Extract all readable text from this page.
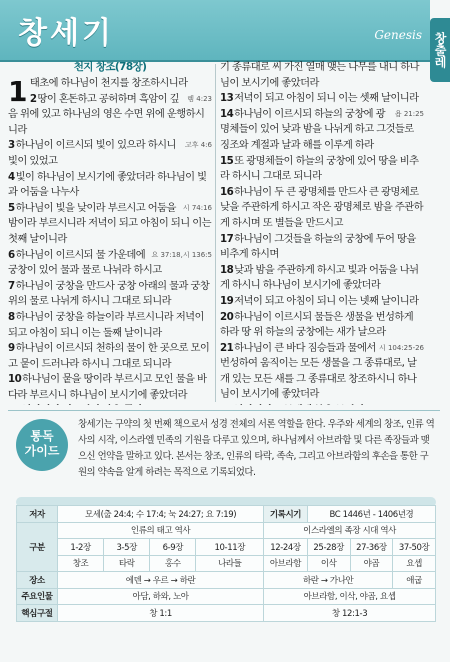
창세기	Genesis 창출레
천지 창조(78장)
1 태초에 하나님이 천지를 창조하시니라

렘 4:23
2땅이 혼돈하고 공허하며 흑암이 깊음 위에 있고 하나님의 영은 수면 위에 운행하시니라

고후 4:6
3하나님이 이르시되 빛이 있으라 하시니 빛이 있었고

4빛이 하나님이 보시기에 좋았더라 하나님이 빛과 어둠을 나누사

시 74:16
5하나님이 빛을 낮이라 부르시고 어둠을 밤이라 부르시니라 저녁이 되고 아침이 되니 이는 첫째 날이니라

요 37:18,시 136:5
6하나님이 이르시되 물 가운데에 궁창이 있어 물과 물로 나뉘라 하시고

7하나님이 궁창을 만드사 궁창 아래의 물과 궁창 위의 물로 나뉘게 하시니 그대로 되니라

8하나님이 궁창을 하늘이라 부르시니라 저녁이 되고 아침이 되니 이는 둘째 날이니라

9하나님이 이르시되 천하의 물이 한 곳으로 모이고 뭍이 드러나라 하시니 그대로 되니라

10하나님이 뭍을 땅이라 부르시고 모인 물을 바다라 부르시니 하나님이 보시기에 좋았더라

기 종류대로 씨 가진 열매 맺는 나무를 내니 하나님이 보시기에 좋았더라

13저녁이 되고 아침이 되니 이는 셋째 날이니라

욥 21:25
14하나님이 이르시되 하늘의 궁창에 광명체들이 있어 낮과 밤을 나뉘게 하고 그것들로 징조와 계절과 날과 해를 이루게 하라

15또 광명체들이 하늘의 궁창에 있어 땅을 비추라 하시니 그대로 되니라

16하나님이 두 큰 광명체를 만드사 큰 광명체로 낮을 주관하게 하시고 작은 광명체로 밤을 주관하게 하시며 또 별들을 만드시고

17하나님이 그것들을 하늘의 궁창에 두어 땅을 비추게 하시며

18낮과 밤을 주관하게 하시고 빛과 어둠을 나뉘게 하시니 하나님이 보시기에 좋았더라

19저녁이 되고 아침이 되니 이는 넷째 날이니라

20하나님이 이르시되 물들은 생물을 번성하게 하라 땅 위 하늘의 궁창에는 새가 날으라

시 104:25-26
21하나님이 큰 바다 짐승들과 물에서 번성하여 움직이는 모든 생물을 그 종류대로, 날개 있는 모든 새를 그 종류대로 창조하시니 하나님이 보시기에 좋았더라

통독
가이드
창세기는 구약의 첫 번째 책으로서 성경 전체의 서론 역할을 한다. 우주와 세계의 창조, 인류 역사의 시작, 이스라엘 민족의 기원을 다루고 있으며, 하나님께서 아브라함 및 다른 족장들과 맺으신 언약을 말하고 있다. 본서는 창조, 인류의 타락, 족속, 그리고 아브라함의 후손을 통한 구원의 약속을 알게 하려는 목적으로 기록되었다.
저자	모세(출 24:4; 수 17:4; 눅 24:27; 요 7:19)				기록시기	BC 1446년 - 1406년경		
구분	인류의 태고 역사				이스라엘의 족장 시대 역사			
	1-2장	3-5장	6-9장	10-11장	12-24장	25-28장	27-36장	37-50장
	창조	타락	홍수	나라들	아브라함	이삭	야곱	요셉
장소	에덴 → 우르 → 하란				하란 → 가나안			애굽
주요인물	아담, 하와, 노아				아브라함, 이삭, 야곱, 요셉			
핵심구절	창 1:1				창 12:1-3			
